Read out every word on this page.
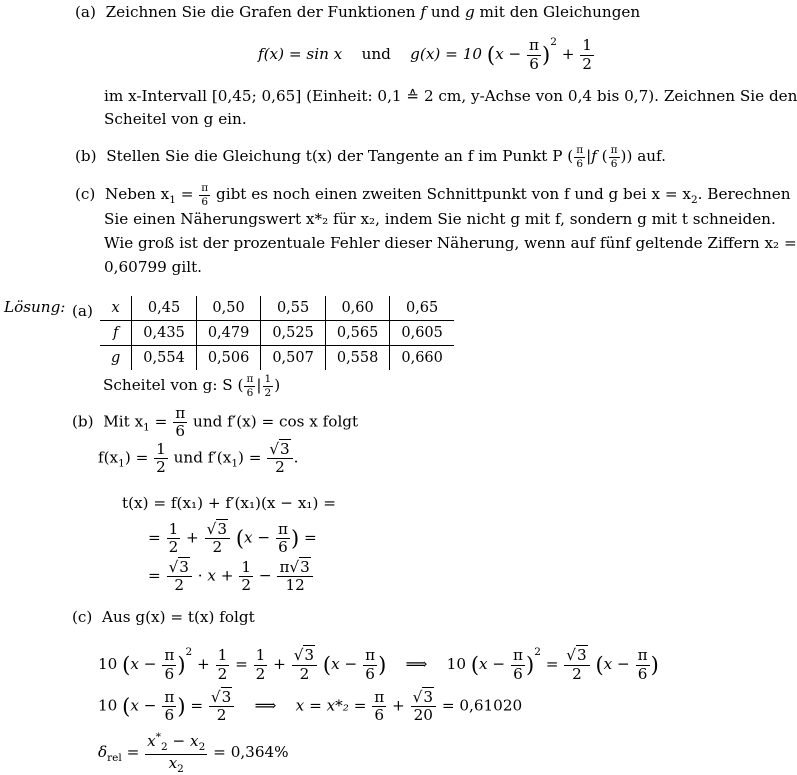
(a) Zeichnen Sie die Grafen der Funktionen f und g mit den Gleichungen
f(x) = sin x und g(x) = 10 $(x - \frac{\pi}{6} )^2 + \frac{1}{2}$
im x-Intervall [0,45; 0,65] (Einheit: 0,1 ≙ 2 cm, y-Achse von 0,4 bis 0,7). Zeichnen Sie den
Scheitel von g ein.
(b) Stellen Sie die Gleichung t(x) der Tangente an f im Punkt P ( $\frac{\pi}{6} |f$ ( $\frac{\pi}{6}$ )) auf.
(c) Neben $x_1 = \frac{\pi}{6}$ gibt es noch einen zweiten Schnittpunkt von f und g bei $x = x_2$. Berechnen
Sie einen Näherungswert x*₂ für x₂, indem Sie nicht g mit f, sondern g mit t schneiden.
Wie groß ist der prozentuale Fehler dieser Näherung, wenn auf fünf geltende Ziffern x₂ =
0,60799 gilt.
Lösung: (a) x	0,45	0,50	0,55	0,60	0,65
f	0,435	0,479	0,525	0,565	0,605
g	0,554	0,506	0,507	0,558	0,660
Scheitel von g: S ( $\frac{\pi}{6}$ | $\frac{1}{2}$ )
(b) Mit $x_1 = \frac{\pi}{6}$ und f′(x) = cos x folgt
$f(x_1) = \frac{1}{2}$ und $f'(x_1) = \frac{√3}{2}$ .
t(x) = f(x₁) + f′(x₁)(x − x₁) =
= $\frac{1}{2} + \frac{√3}{2} (x - \frac{\pi}{6}$ ) =
= $\frac{√3}{2} \cdot x + \frac{1}{2} - \frac{\pi√3}{12}$
(c) Aus g(x) = t(x) folgt
10 $(x - \frac{\pi}{6} )^2 + \frac{1}{2} = \frac{1}{2} + \frac{√3}{2} (x - \frac{\pi}{6}$ )    ⟹    10 $(x - \frac{\pi}{6} )^2 = \frac{√3}{2} (x - \frac{\pi}{6}$ )
10 ($x - \frac{\pi}{6}$ ) = $\frac{√3}{2}$ ⟹    $x = x*_2 = \frac{\pi}{6} + \frac{√3}{20} = 0,61020$
$\delta_{rel} = \frac{x^*_2 - x_2}{x_2} = 0,364\%$
